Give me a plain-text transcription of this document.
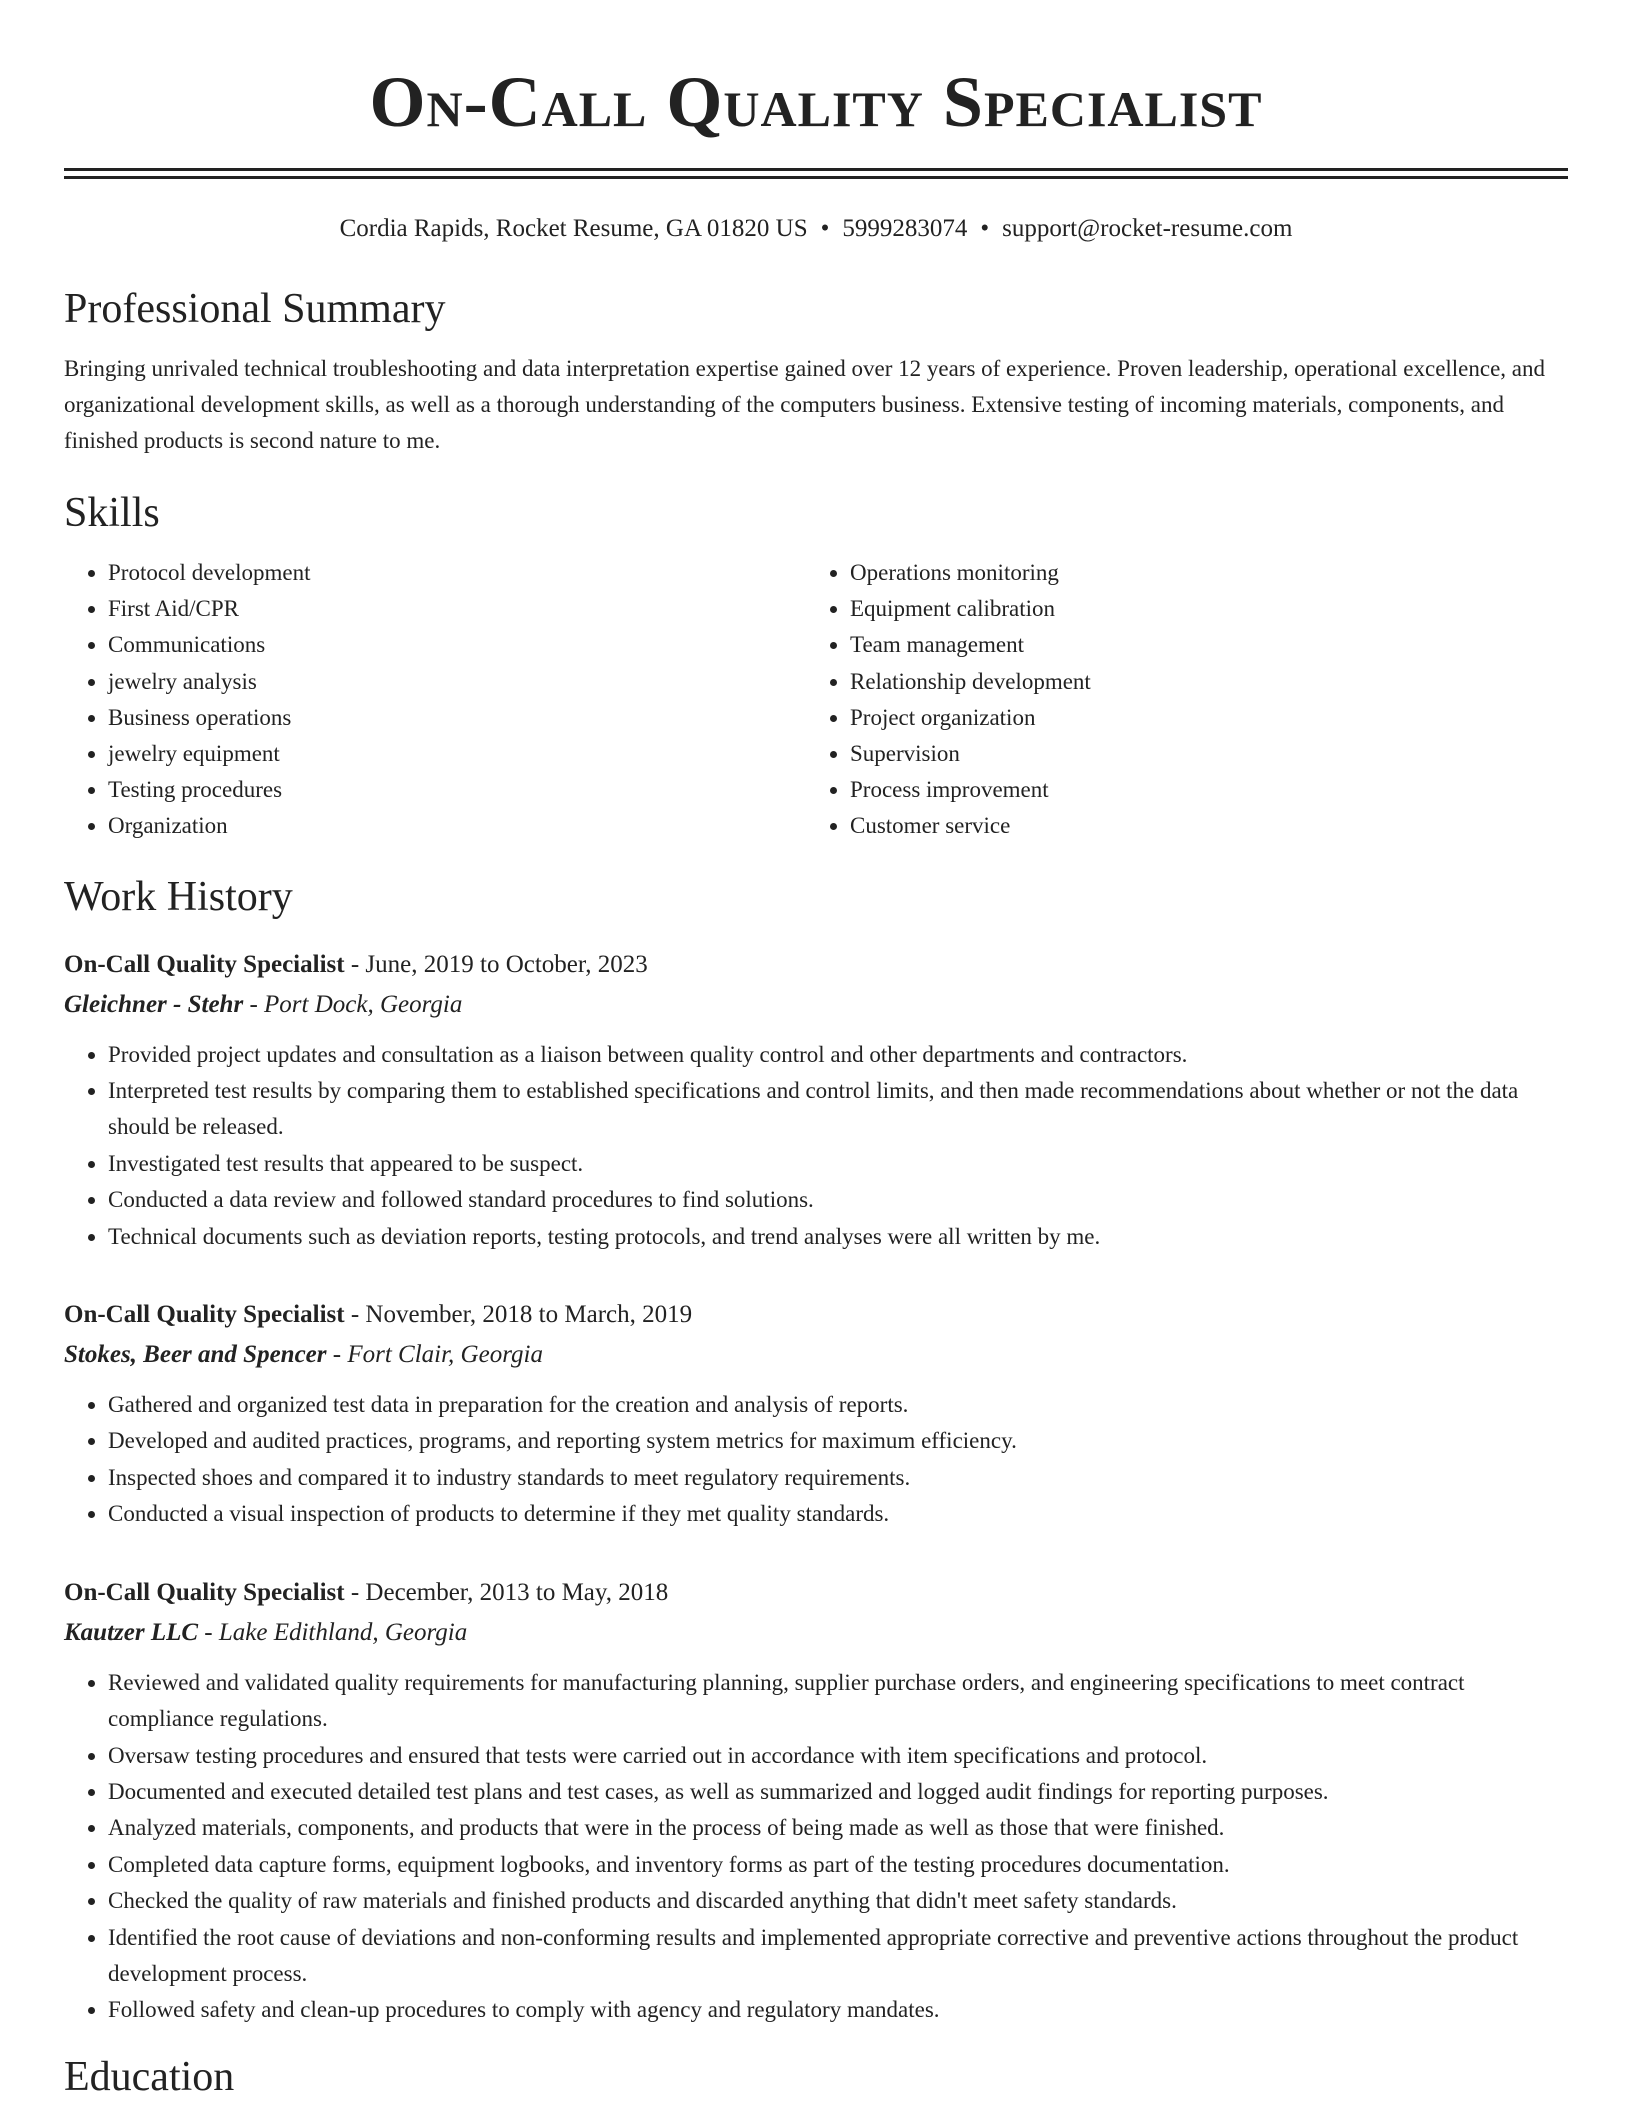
On-Call Quality Specialist
Cordia Rapids, Rocket Resume, GA 01820 US • 5999283074 • support@rocket-resume.com
Professional Summary

Bringing unrivaled technical troubleshooting and data interpretation expertise gained over 12 years of experience. Proven leadership, operational excellence, and organizational development skills, as well as a thorough understanding of the computers business. Extensive testing of incoming materials, components, and finished products is second nature to me.

Skills
• Protocol development
• First Aid/CPR
• Communications
• jewelry analysis
• Business operations
• jewelry equipment
• Testing procedures
• Organization
• Operations monitoring
• Equipment calibration
• Team management
• Relationship development
• Project organization
• Supervision
• Process improvement
• Customer service
Work History
On-Call Quality Specialist - June, 2019 to October, 2023
Gleichner - Stehr - Port Dock, Georgia
• Provided project updates and consultation as a liaison between quality control and other departments and contractors.
• Interpreted test results by comparing them to established specifications and control limits, and then made recommendations about whether or not the data should be released.
• Investigated test results that appeared to be suspect.
• Conducted a data review and followed standard procedures to find solutions.
• Technical documents such as deviation reports, testing protocols, and trend analyses were all written by me.
On-Call Quality Specialist - November, 2018 to March, 2019
Stokes, Beer and Spencer - Fort Clair, Georgia
• Gathered and organized test data in preparation for the creation and analysis of reports.
• Developed and audited practices, programs, and reporting system metrics for maximum efficiency.
• Inspected shoes and compared it to industry standards to meet regulatory requirements.
• Conducted a visual inspection of products to determine if they met quality standards.
On-Call Quality Specialist - December, 2013 to May, 2018
Kautzer LLC - Lake Edithland, Georgia
• Reviewed and validated quality requirements for manufacturing planning, supplier purchase orders, and engineering specifications to meet contract compliance regulations.
• Oversaw testing procedures and ensured that tests were carried out in accordance with item specifications and protocol.
• Documented and executed detailed test plans and test cases, as well as summarized and logged audit findings for reporting purposes.
• Analyzed materials, components, and products that were in the process of being made as well as those that were finished.
• Completed data capture forms, equipment logbooks, and inventory forms as part of the testing procedures documentation.
• Checked the quality of raw materials and finished products and discarded anything that didn't meet safety standards.
• Identified the root cause of deviations and non-conforming results and implemented appropriate corrective and preventive actions throughout the product development process.
• Followed safety and clean-up procedures to comply with agency and regulatory mandates.
Education
